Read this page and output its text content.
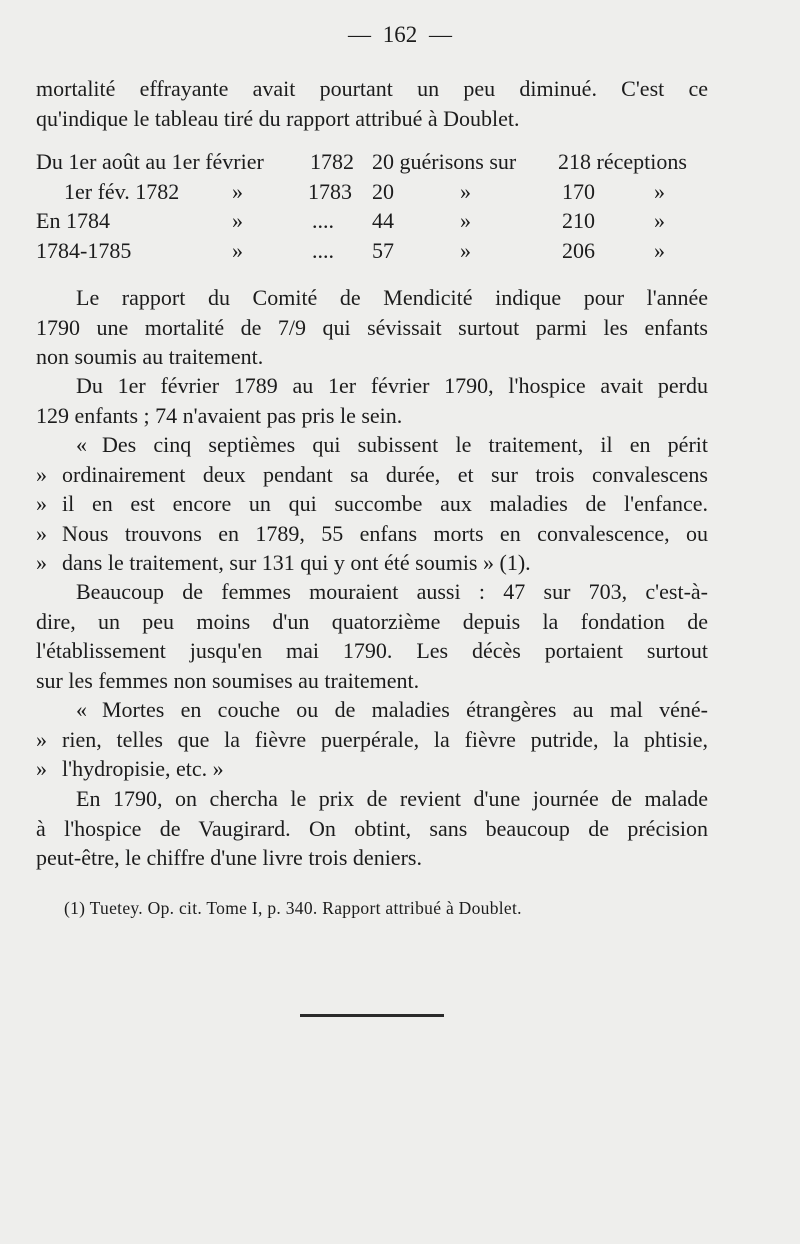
— 162 —
mortalité effrayante avait pourtant un peu diminué. C'est ce
qu'indique le tableau tiré du rapport attribué à Doublet.
Du 1er août au 1er février 1782 20 guérisons sur 218 réceptions
1er fév. 1782 »	1783 20	»	170	»
En 1784	»	.... 44	»	210	»
1784-1785	»	.... 57	»	206	»
Le rapport du Comité de Mendicité indique pour l'année
1790 une mortalité de 7/9 qui sévissait surtout parmi les enfants
non soumis au traitement.
Du 1er février 1789 au 1er février 1790, l'hospice avait perdu
129 enfants ; 74 n'avaient pas pris le sein.
« Des cinq septièmes qui subissent le traitement, il en périt
» ordinairement deux pendant sa durée, et sur trois convalescens
» il en est encore un qui succombe aux maladies de l'enfance.
» Nous trouvons en 1789, 55 enfans morts en convalescence, ou
» dans le traitement, sur 131 qui y ont été soumis » (1).
Beaucoup de femmes mouraient aussi : 47 sur 703, c'est-à-
dire, un peu moins d'un quatorzième depuis la fondation de
l'établissement jusqu'en mai 1790. Les décès portaient surtout
sur les femmes non soumises au traitement.
« Mortes en couche ou de maladies étrangères au mal véné-
» rien, telles que la fièvre puerpérale, la fièvre putride, la phtisie,
» l'hydropisie, etc. »
En 1790, on chercha le prix de revient d'une journée de malade
à l'hospice de Vaugirard. On obtint, sans beaucoup de précision
peut-être, le chiffre d'une livre trois deniers.
(1) Tuetey. Op. cit. Tome I, p. 340. Rapport attribué à Doublet.
